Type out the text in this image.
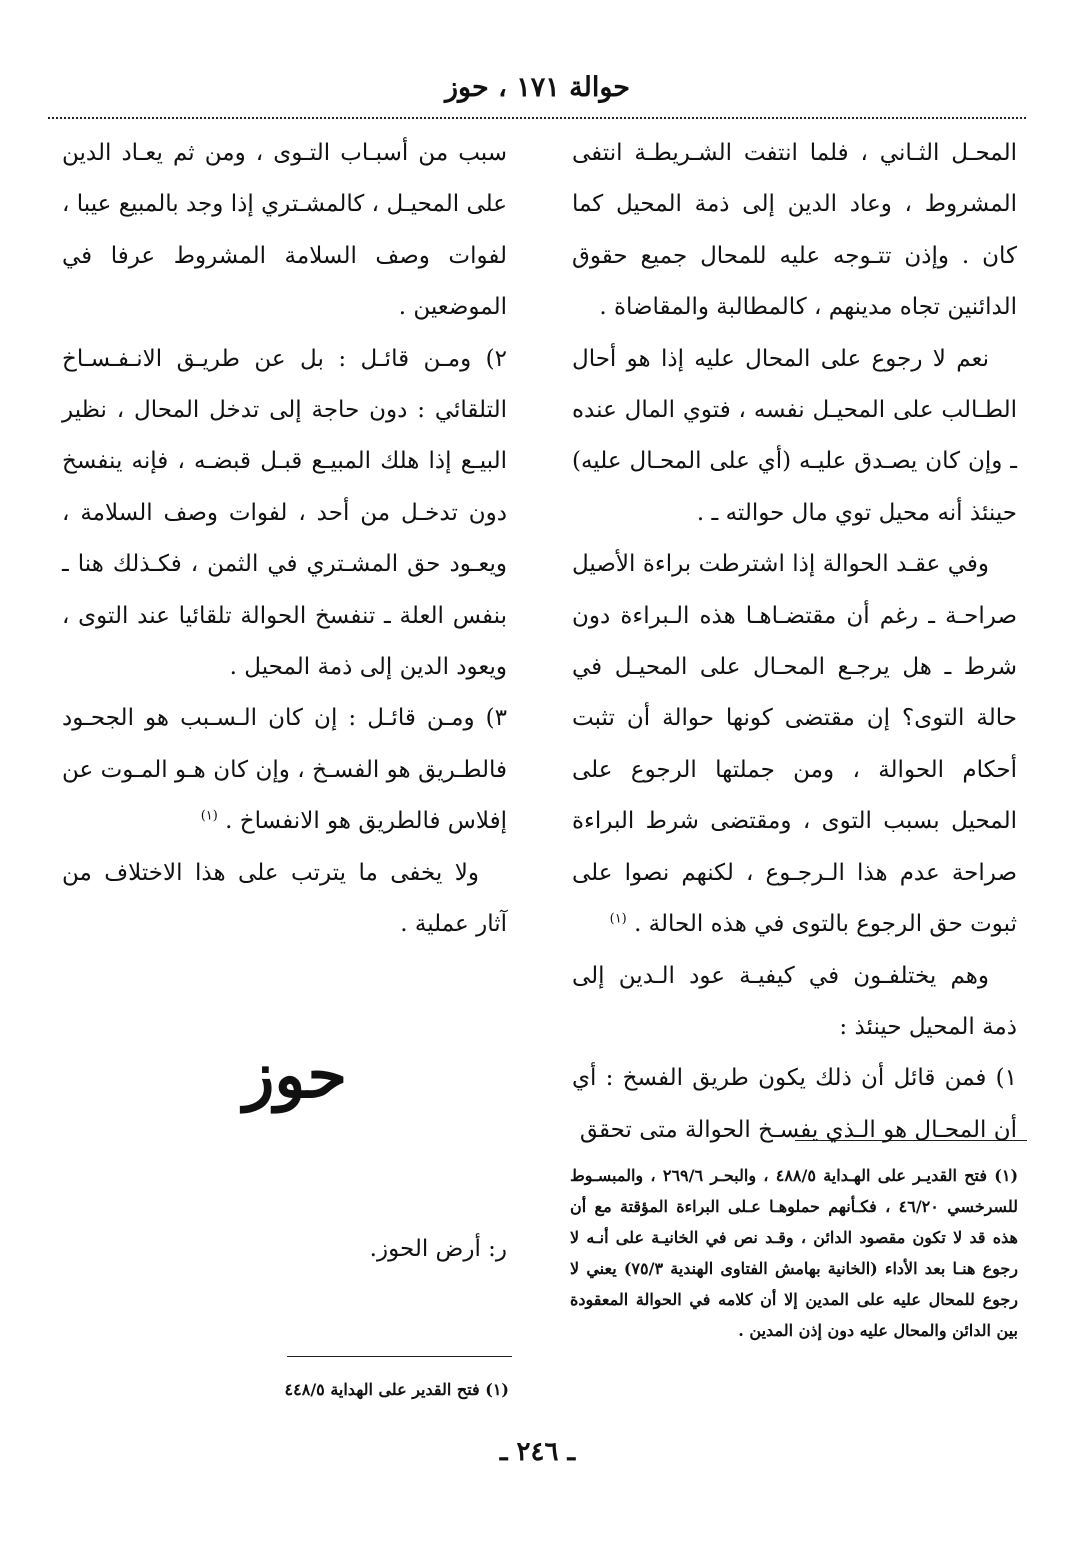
حوالة ١٧١ ، حوز

المحـل الثـاني ، فلما انتفت الشـريطـة انتفى المشروط ، وعاد الدين إلى ذمة المحيل كما كان . وإذن تتـوجه عليه للمحال جميع حقوق الدائنين تجاه مدينهم ، كالمطالبة والمقاضاة .

نعم لا رجوع على المحال عليه إذا هو أحال الطـالب على المحيـل نفسه ، فتوي المال عنده ـ وإن كان يصـدق عليـه (أي على المحـال عليه) حينئذ أنه محيل توي مال حوالته ـ .

وفي عقـد الحوالة إذا اشترطت براءة الأصيل صراحـة ـ رغم أن مقتضـاهـا هذه الـبراءة دون شرط ـ هل يرجـع المحـال على المحيـل في حالة التوى؟ إن مقتضى كونها حوالة أن تثبت أحكام الحوالة ، ومن جملتها الرجوع على المحيل بسبب التوى ، ومقتضى شرط البراءة صراحة عدم هذا الـرجـوع ، لكنهم نصوا على ثبوت حق الرجوع بالتوى في هذه الحالة . $^{(١)}$

وهم يختلفـون في كيفيـة عود الـدين إلى ذمة المحيل حينئذ :

١) فمن قائل أن ذلك يكون طريق الفسخ : أي أن المحـال هو الـذي يفسـخ الحوالة متى تحقق

سبب من أسبـاب التـوى ، ومن ثم يعـاد الدين على المحيـل ، كالمشـتري إذا وجد بالمبيع عيبا ، لفوات وصف السلامة المشروط عرفا في الموضعين .

٢) ومـن قائـل : بل عن طريـق الانـفـسـاخ التلقائي : دون حاجة إلى تدخل المحال ، نظير البيـع إذا هلك المبيـع قبـل قبضـه ، فإنه ينفسخ دون تدخـل من أحد ، لفوات وصف السلامة ، ويعـود حق المشـتري في الثمن ، فكـذلك هنا ـ بنفس العلة ـ تنفسخ الحوالة تلقائيا عند التوى ، ويعود الدين إلى ذمة المحيل .

٣) ومـن قائـل : إن كان الـسـبب هو الجحـود فالطـريق هو الفسـخ ، وإن كان هـو المـوت عن إفلاس فالطريق هو الانفساخ . $^{(١)}$

ولا يخفى ما يترتب على هذا الاختلاف من آثار عملية .

حوز
ر: أرض الحوز.
(١) فتح القدير على الهداية ٤٤٨/٥
(١) فتح القديـر على الهـداية ٤٨٨/٥ ، والبحـر ٢٦٩/٦ ، والمبسـوط للسرخسي ٤٦/٢٠ ، فكـأنهم حملوهـا عـلى البراءة المؤقتة مع أن هذه قد لا تكون مقصود الدائن ، وقـد نص في الخانيـة على أنـه لا رجوع هنـا بعد الأداء (الخانية بهامش الفتاوى الهندية ٧٥/٣) يعني لا رجوع للمحال عليه على المدين إلا أن كلامه في الحوالة المعقودة بين الدائن والمحال عليه دون إذن المدين .
ـ ٢٤٦ ـ
